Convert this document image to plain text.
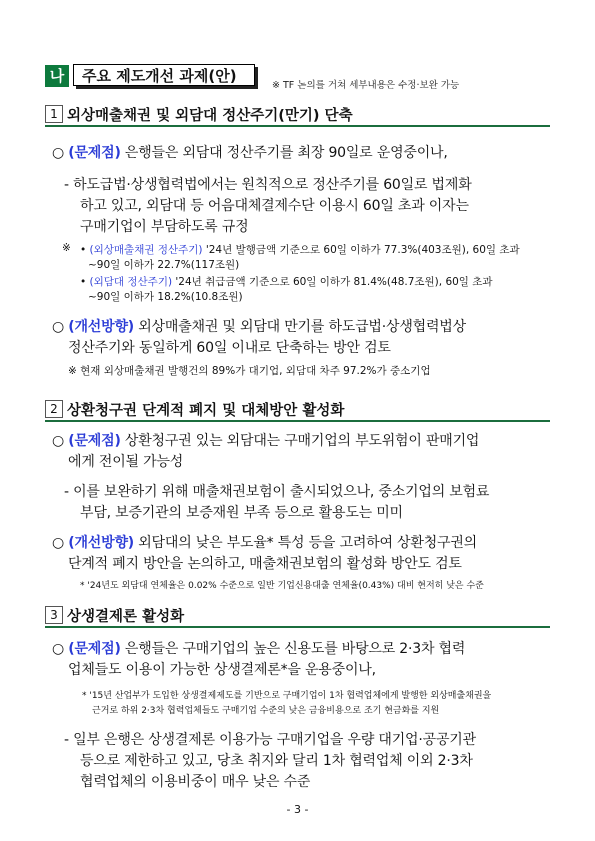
나	주요 제도개선 과제(안)
※ TF 논의를 거쳐 세부내용은 수정·보완 가능
1 외상매출채권 및 외담대 정산주기(만기) 단축
○ (문제점) 은행들은 외담대 정산주기를 최장 90일로 운영중이나,
- 하도급법·상생협력법에서는 원칙적으로 정산주기를 60일로 법제화
하고 있고, 외담대 등 어음대체결제수단 이용시 60일 초과 이자는
구매기업이 부담하도록 규정
※ • (외상매출채권 정산주기) '24년 발행금액 기준으로 60일 이하가 77.3%(403조원), 60일 초과
~90일 이하가 22.7%(117조원)
• (외담대 정산주기) '24년 취급금액 기준으로 60일 이하가 81.4%(48.7조원), 60일 초과
~90일 이하가 18.2%(10.8조원)
○ (개선방향) 외상매출채권 및 외담대 만기를 하도급법·상생협력법상
정산주기와 동일하게 60일 이내로 단축하는 방안 검토
※ 현재 외상매출채권 발행건의 89%가 대기업, 외담대 차주 97.2%가 중소기업
2 상환청구권 단계적 폐지 및 대체방안 활성화
○ (문제점) 상환청구권 있는 외담대는 구매기업의 부도위험이 판매기업
에게 전이될 가능성
- 이를 보완하기 위해 매출채권보험이 출시되었으나, 중소기업의 보험료
부담, 보증기관의 보증재원 부족 등으로 활용도는 미미
○ (개선방향) 외담대의 낮은 부도율* 특성 등을 고려하여 상환청구권의
단계적 폐지 방안을 논의하고, 매출채권보험의 활성화 방안도 검토
* '24년도 외담대 연체율은 0.02% 수준으로 일반 기업신용대출 연체율(0.43%) 대비 현저히 낮은 수준
3 상생결제론 활성화
○ (문제점) 은행들은 구매기업의 높은 신용도를 바탕으로 2·3차 협력
업체들도 이용이 가능한 상생결제론*을 운용중이나,
* '15년 산업부가 도입한 상생결제제도를 기반으로 구매기업이 1차 협력업체에게 발행한 외상매출채권을
근거로 하위 2·3차 협력업체들도 구매기업 수준의 낮은 금융비용으로 조기 현금화를 지원
- 일부 은행은 상생결제론 이용가능 구매기업을 우량 대기업·공공기관
등으로 제한하고 있고, 당초 취지와 달리 1차 협력업체 이외 2·3차
협력업체의 이용비중이 매우 낮은 수준
- 3 -
